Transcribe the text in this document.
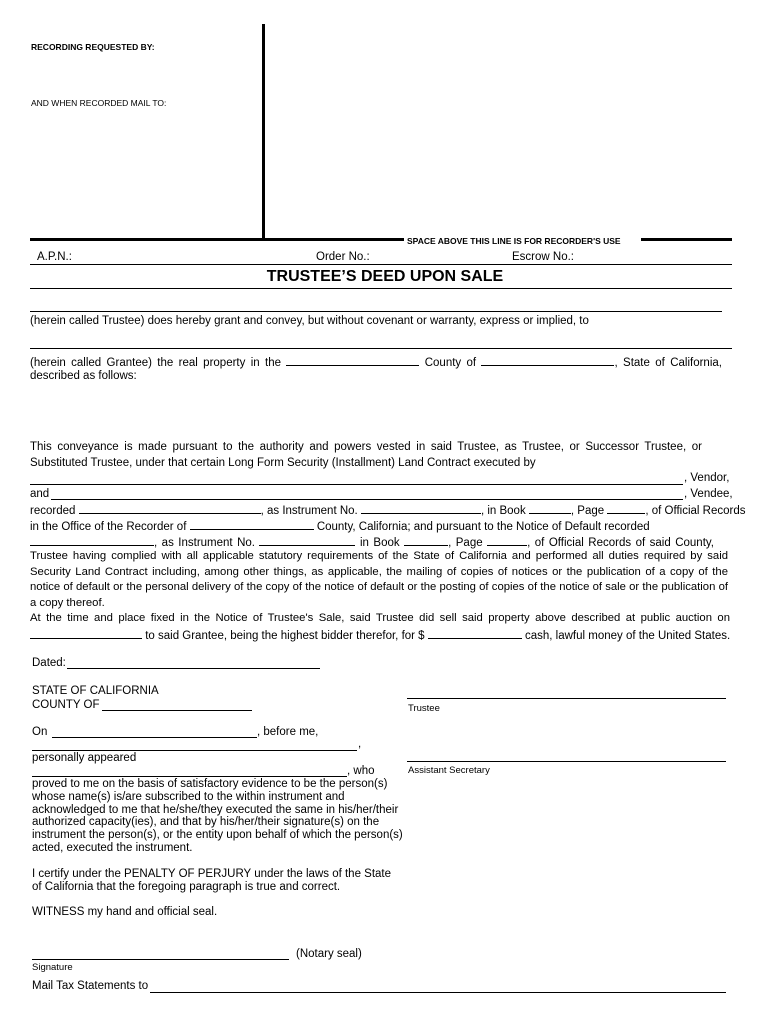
RECORDING REQUESTED BY:
AND WHEN RECORDED MAIL TO:
SPACE ABOVE THIS LINE IS FOR RECORDER'S USE
A.P.N.:	Order No.:	Escrow No.:
TRUSTEE’S DEED UPON SALE
(herein called Trustee) does hereby grant and convey, but without covenant or warranty, express or implied, to
(herein called Grantee) the real property in the	County of	, State of California,
described as follows:
This conveyance is made pursuant to the authority and powers vested in said Trustee, as Trustee, or Successor Trustee, or
Substituted Trustee, under that certain Long Form Security (Installment) Land Contract executed by
, Vendor,
and	, Vendee,
recorded	, as Instrument No.	, in Book	, Page	, of Official Records
in the Office of the Recorder of	County, California; and pursuant to the Notice of Default recorded
, as Instrument No.	in Book	, Page	, of Official Records of said County,
Trustee having complied with all applicable statutory requirements of the State of California and performed all duties required by said
Security Land Contract including, among other things, as applicable, the mailing of copies of notices or the publication of a copy of the
notice of default or the personal delivery of the copy of the notice of default or the posting of copies of the notice of sale or the publication of
a copy thereof.
At the time and place fixed in the Notice of Trustee's Sale, said Trustee did sell said property above described at public auction on
to said Grantee, being the highest bidder therefor, for $	cash, lawful money of the United States.
Dated:
STATE OF CALIFORNIA
COUNTY OF	Trustee
Assistant Secretary
On	, before me,
,
personally appeared
, who
proved to me on the basis of satisfactory evidence to be the person(s)
whose name(s) is/are subscribed to the within instrument and
acknowledged to me that he/she/they executed the same in his/her/their
authorized capacity(ies), and that by his/her/their signature(s) on the
instrument the person(s), or the entity upon behalf of which the person(s)
acted, executed the instrument.
I certify under the PENALTY OF PERJURY under the laws of the State
of California that the foregoing paragraph is true and correct.
WITNESS my hand and official seal.
(Notary seal)
Signature
Mail Tax Statements to
